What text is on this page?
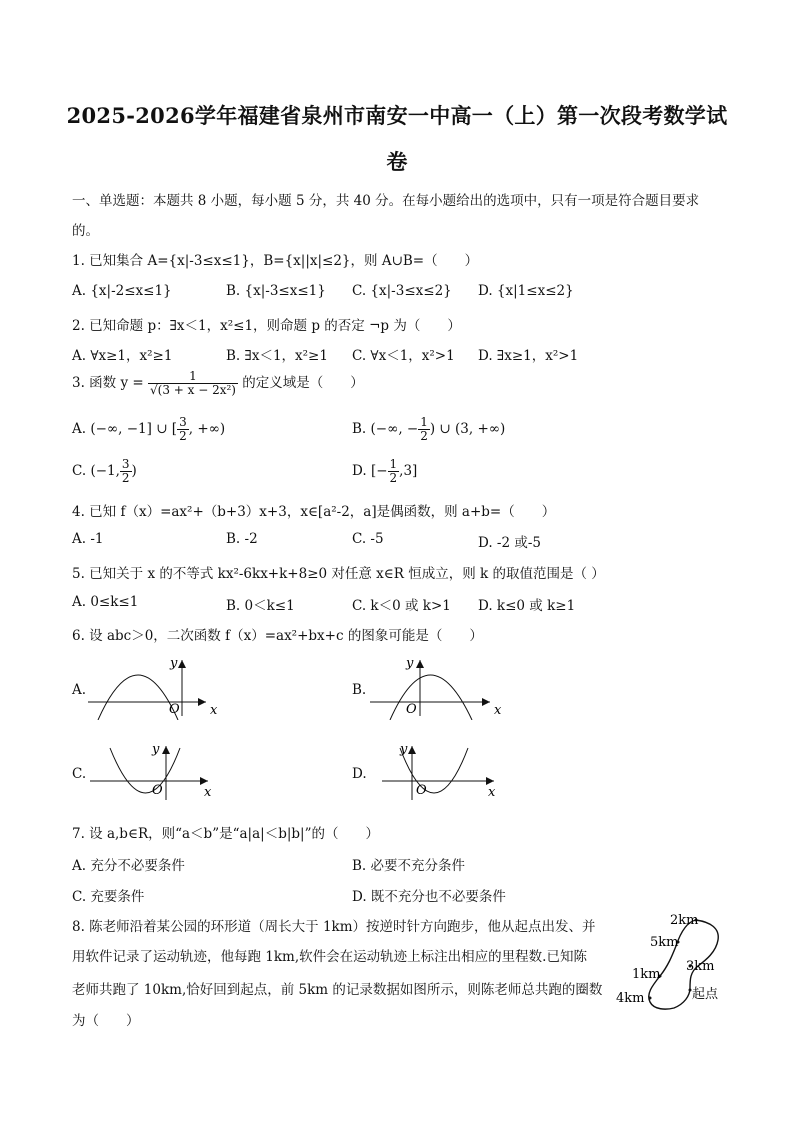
2025-2026学年福建省泉州市南安一中高一（上）第一次段考数学试
卷
一、单选题：本题共 8 小题，每小题 5 分，共 40 分。在每小题给出的选项中，只有一项是符合题目要求
的。
1. 已知集合 A={x|-3≤x≤1}，B={x||x|≤2}，则 A∪B=（　　）
A. {x|-2≤x≤1}	B. {x|-3≤x≤1} C. {x|-3≤x≤2} D. {x|1≤x≤2}
2. 已知命题 p：∃x＜1，x²≤1，则命题 p 的否定 ¬p 为（　　）
A. ∀x≥1，x²≥1	B. ∃x＜1，x²≥1 C. ∀x＜1，x²>1 D. ∃x≥1，x²>1
3. 函数 $y = \frac{1}{\text{√(3 + x − 2x²)}}$ 的定义域是（　　）
A. (−∞, −1] ∪ [ $\frac{3}{2}$ , +∞)	B. (−∞, − $\frac{1}{2}$ ) ∪ (3, +∞)
C. (−1, $\frac{3}{2}$ )	D. [− $\frac{1}{2} ,3$]
4. 已知 f（x）=ax²+（b+3）x+3，x∈[a²-2，a]是偶函数，则 a+b=（　　）
A. -1	B. -2	C. -5	D. -2 或-5
5. 已知关于 x 的不等式 kx²-6kx+k+8≥0 对任意 x∈R 恒成立，则 k 的取值范围是（ ）
A. 0≤k≤1	B. 0＜k≤1	C. k＜0 或 k>1 D. k≤0 或 k≥1
6. 设 abc＞0，二次函数 f（x）=ax²+bx+c 的图象可能是（　　）
A.
O x
y
B.
O	x
y
C.
O	x
y
D.
O	x
y
7. 设 a,b∈R，则“a＜b”是“a|a|＜b|b|”的（　　）
A. 充分不必要条件	B. 必要不充分条件
C. 充要条件	D. 既不充分也不必要条件
8. 陈老师沿着某公园的环形道（周长大于 1km）按逆时针方向跑步，他从起点出发、并
用软件记录了运动轨迹，他每跑 1km,软件会在运动轨迹上标注出相应的里程数.已知陈
老师共跑了 10km,恰好回到起点，前 5km 的记录数据如图所示，则陈老师总共跑的圈数
为（　　）
2km
5km
3km
1km
4km	起点
